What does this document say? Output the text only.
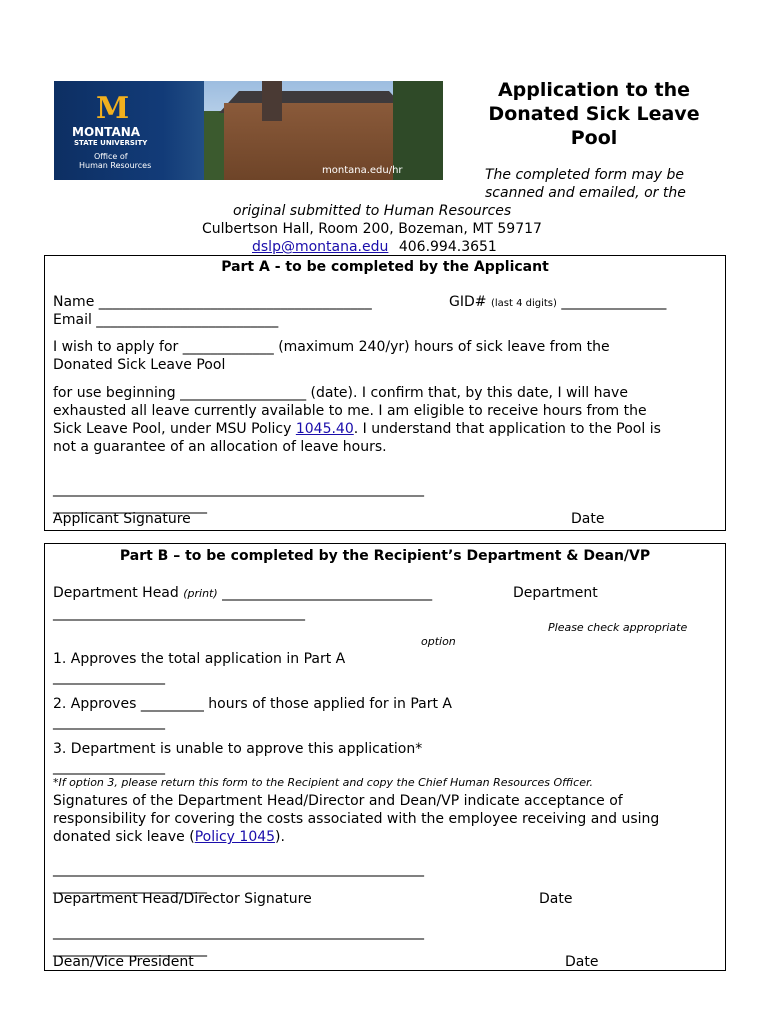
M
MONTANA
STATE UNIVERSITY
Office of
Human Resources	montana.edu/hr
Application to the Donated Sick Leave Pool
The completed form may be
scanned and emailed, or the
original submitted to Human Resources
Culbertson Hall, Room 200, Bozeman, MT 59717
dslp@montana.edu 406.994.3651
Part A - to be completed by the Applicant
Name _______________________________________	GID# (last 4 digits) _______________
Email __________________________
I wish to apply for _____________ (maximum 240/yr) hours of sick leave from the
Donated Sick Leave Pool
for use beginning __________________ (date). I confirm that, by this date, I will have
exhausted all leave currently available to me. I am eligible to receive hours from the
Sick Leave Pool, under MSU Policy 1045.40. I understand that application to the Pool is
not a guarantee of an allocation of leave hours.
_____________________________________________________
______________________
Applicant Signature	Date
Part B – to be completed by the Recipient’s Department & Dean/VP
Department Head (print) ______________________________	Department
____________________________________
Please check appropriate
option
1. Approves the total application in Part A
________________
2. Approves _________ hours of those applied for in Part A
________________
3. Department is unable to approve this application*
________________
*If option 3, please return this form to the Recipient and copy the Chief Human Resources Officer.
Signatures of the Department Head/Director and Dean/VP indicate acceptance of
responsibility for covering the costs associated with the employee receiving and using
donated sick leave (Policy 1045).
_____________________________________________________
______________________
Department Head/Director Signature	Date
_____________________________________________________
______________________
Dean/Vice President	Date
